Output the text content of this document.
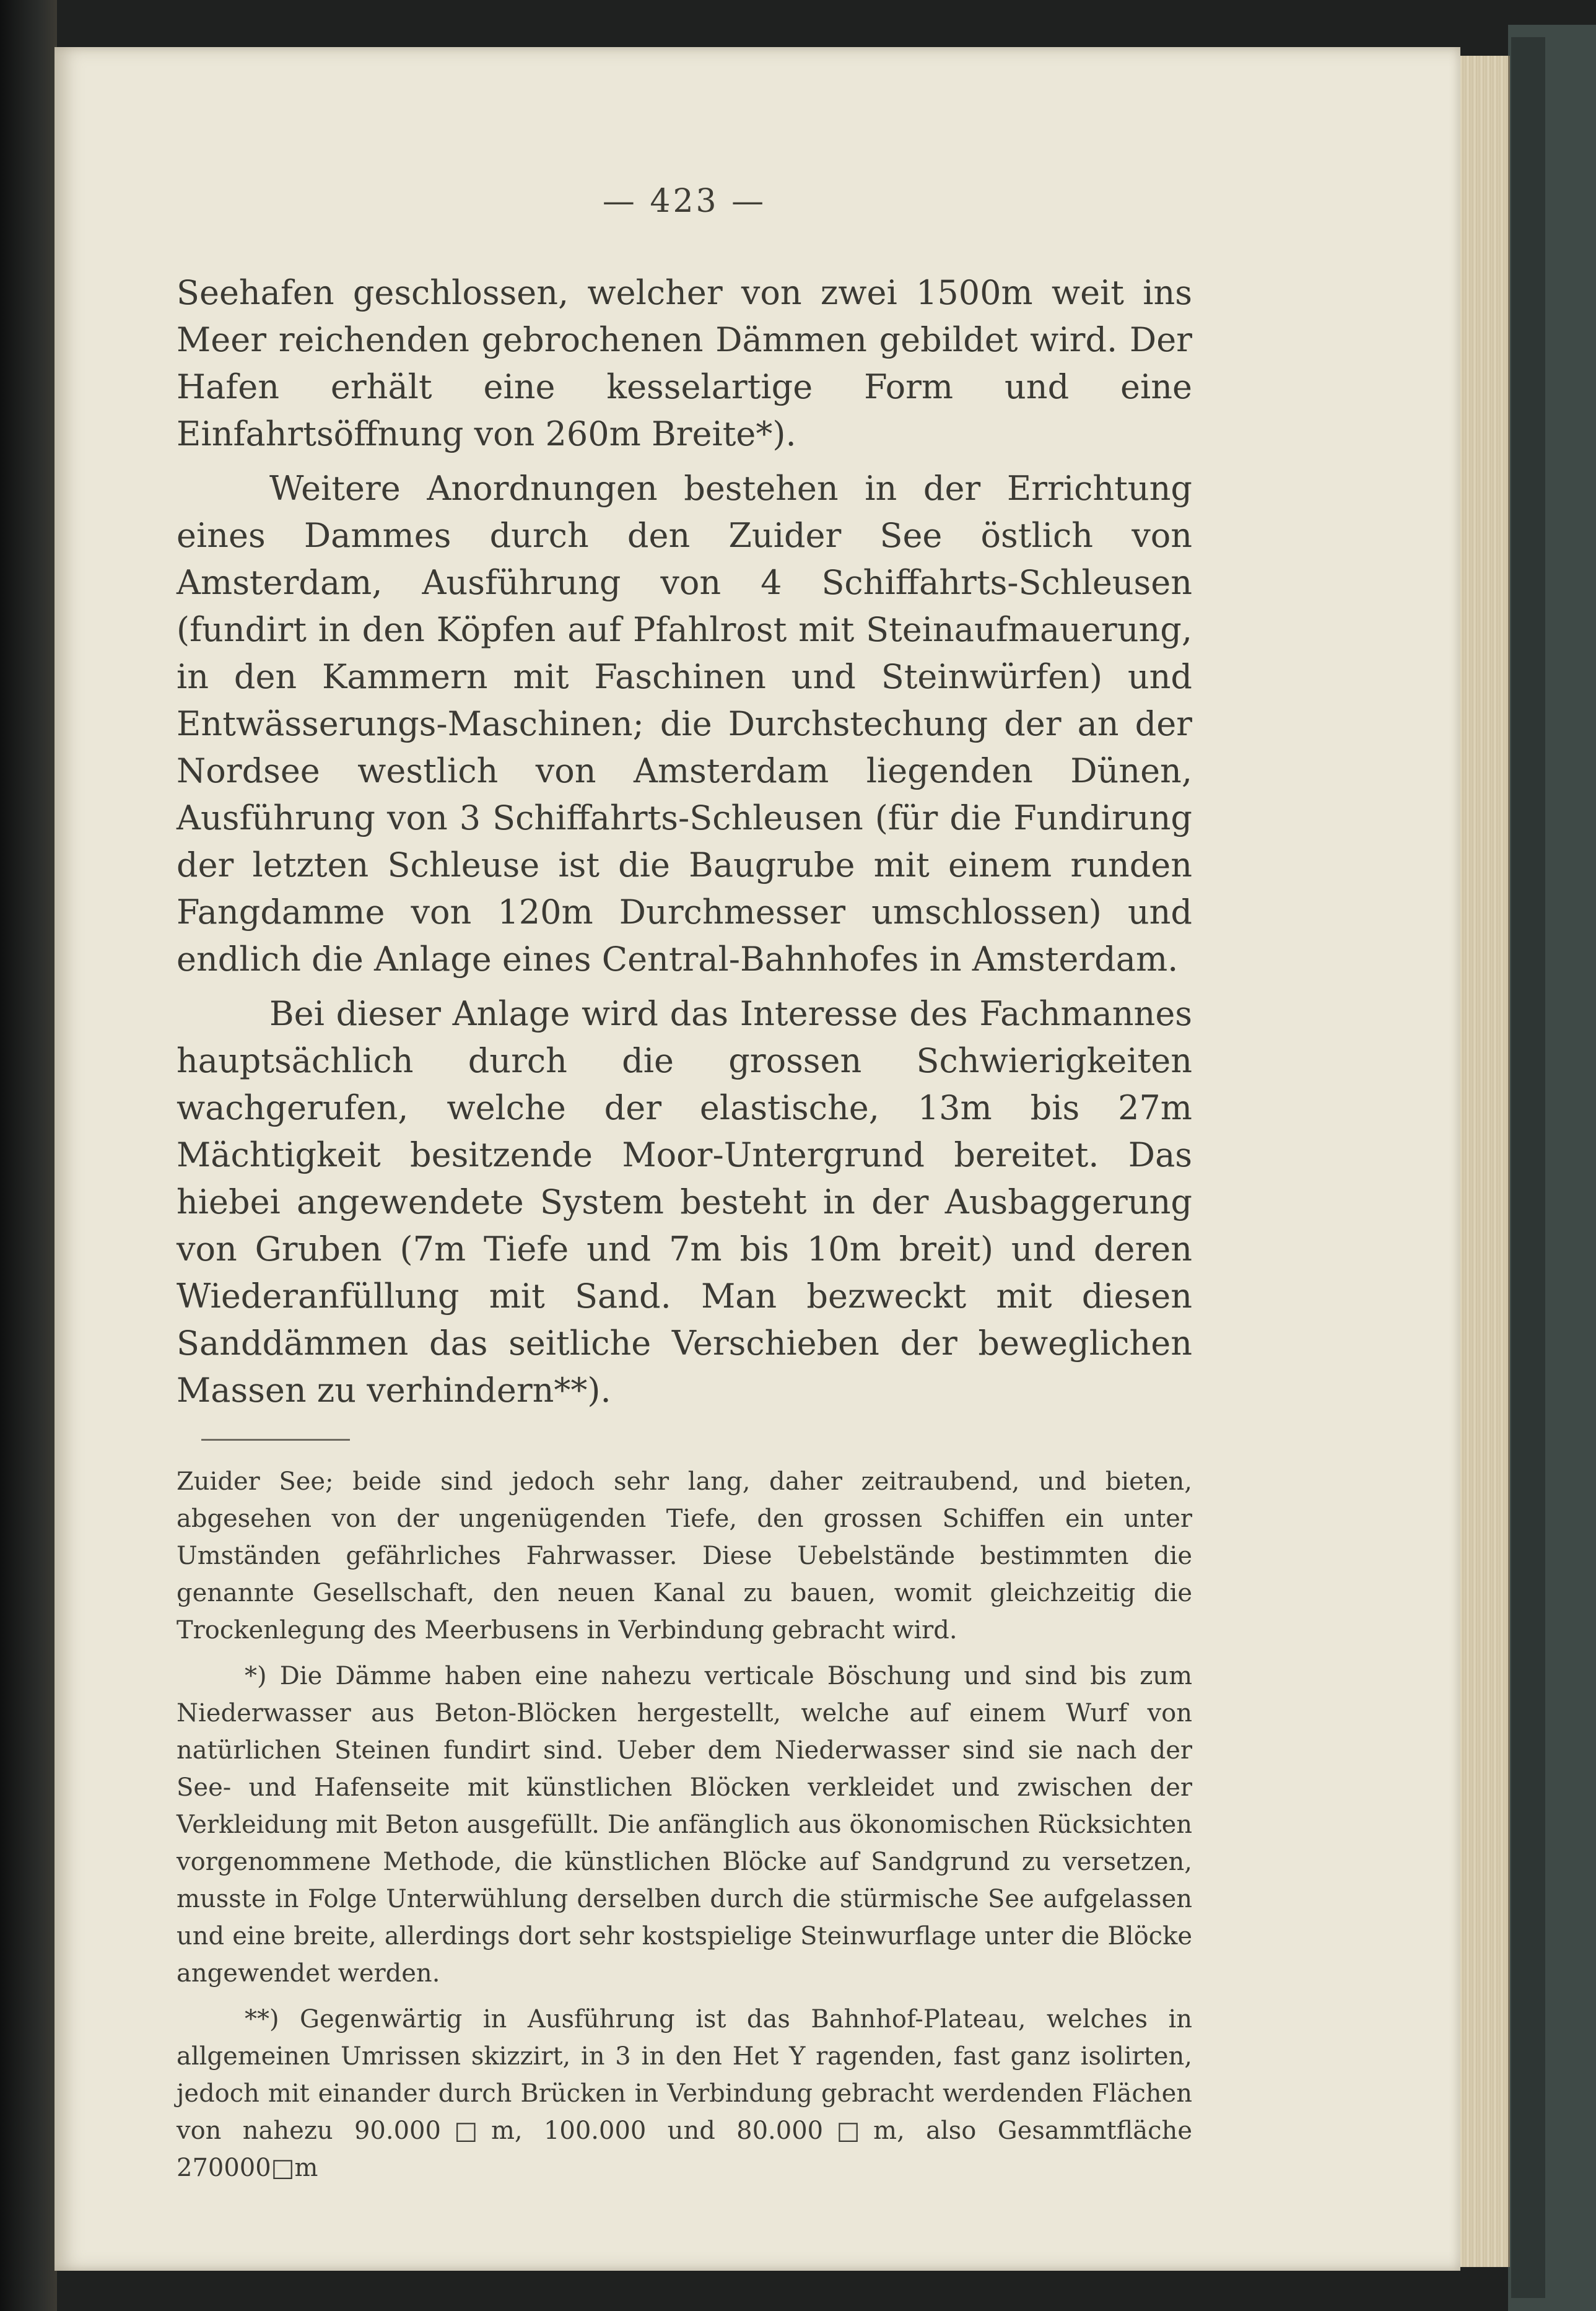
— 423 —

Seehafen geschlossen, welcher von zwei 1500m weit ins Meer reichenden gebrochenen Dämmen gebildet wird. Der Hafen erhält eine kesselartige Form und eine Einfahrtsöffnung von 260m Breite*).

Weitere Anordnungen bestehen in der Errichtung eines Dammes durch den Zuider See östlich von Amsterdam, Ausführung von 4 Schiffahrts-Schleusen (fundirt in den Köpfen auf Pfahlrost mit Steinaufmauerung, in den Kammern mit Faschinen und Steinwürfen) und Entwässerungs-Maschinen; die Durchstechung der an der Nordsee westlich von Amsterdam liegenden Dünen, Ausführung von 3 Schiffahrts-Schleusen (für die Fundirung der letzten Schleuse ist die Baugrube mit einem runden Fangdamme von 120m Durchmesser umschlossen) und endlich die Anlage eines Central-Bahnhofes in Amsterdam.

Bei dieser Anlage wird das Interesse des Fachmannes hauptsächlich durch die grossen Schwierigkeiten wachgerufen, welche der elastische, 13m bis 27m Mächtigkeit besitzende Moor-Untergrund bereitet. Das hiebei angewendete System besteht in der Ausbaggerung von Gruben (7m Tiefe und 7m bis 10m breit) und deren Wiederanfüllung mit Sand. Man bezweckt mit diesen Sanddämmen das seitliche Verschieben der beweglichen Massen zu verhindern**).

Zuider See; beide sind jedoch sehr lang, daher zeitraubend, und bieten, abgesehen von der ungenügenden Tiefe, den grossen Schiffen ein unter Umständen gefährliches Fahrwasser. Diese Uebelstände bestimmten die genannte Gesellschaft, den neuen Kanal zu bauen, womit gleichzeitig die Trockenlegung des Meerbusens in Verbindung gebracht wird.

*) Die Dämme haben eine nahezu verticale Böschung und sind bis zum Niederwasser aus Beton-Blöcken hergestellt, welche auf einem Wurf von natürlichen Steinen fundirt sind. Ueber dem Niederwasser sind sie nach der See- und Hafenseite mit künstlichen Blöcken verkleidet und zwischen der Verkleidung mit Beton ausgefüllt. Die anfänglich aus ökonomischen Rücksichten vorgenommene Methode, die künstlichen Blöcke auf Sandgrund zu versetzen, musste in Folge Unterwühlung derselben durch die stürmische See aufgelassen und eine breite, allerdings dort sehr kostspielige Steinwurflage unter die Blöcke angewendet werden.

**) Gegenwärtig in Ausführung ist das Bahnhof-Plateau, welches in allgemeinen Umrissen skizzirt, in 3 in den Het Y ragenden, fast ganz isolirten, jedoch mit einander durch Brücken in Verbindung gebracht werdenden Flächen von nahezu 90.000□m, 100.000 und 80.000□m, also Gesammtfläche 270000□m
